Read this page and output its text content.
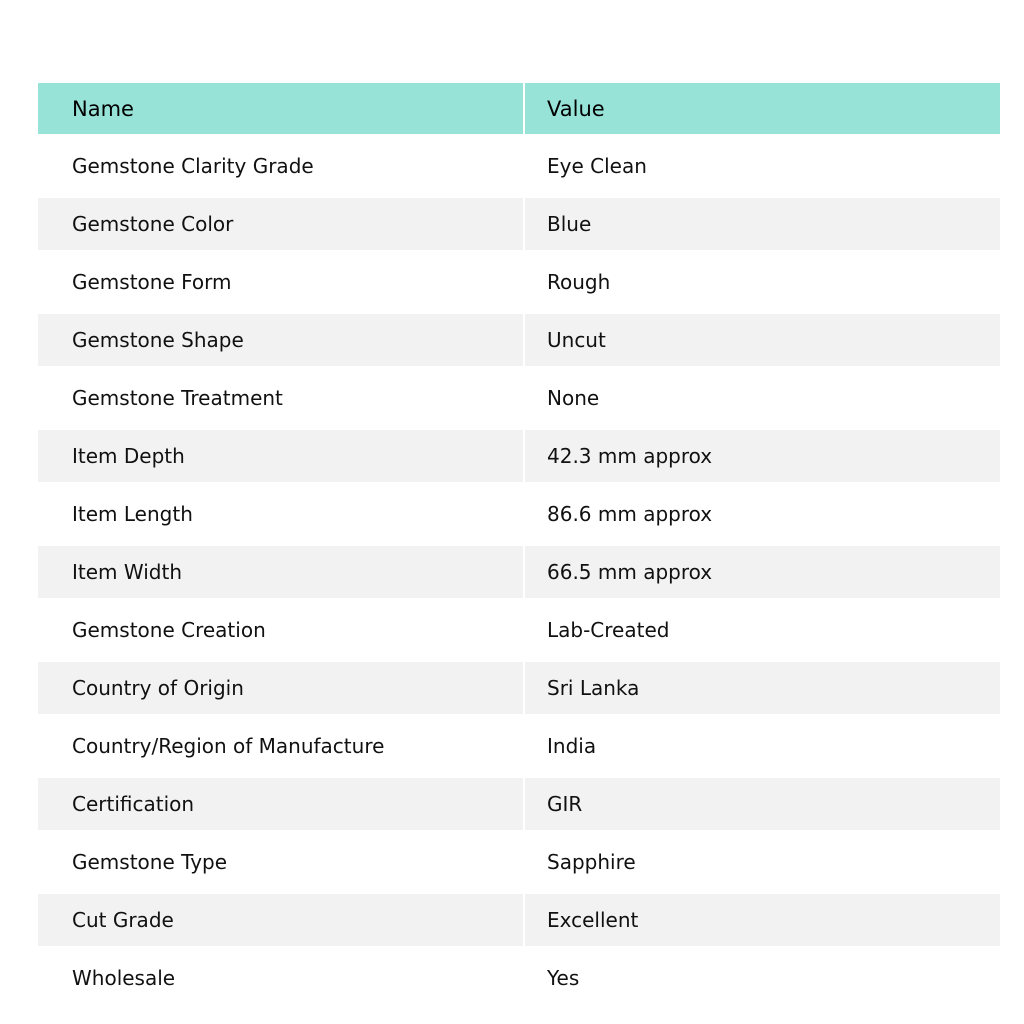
Name	Value
Gemstone Clarity Grade	Eye Clean
Gemstone Color	Blue
Gemstone Form	Rough
Gemstone Shape	Uncut
Gemstone Treatment	None
Item Depth	42.3 mm approx
Item Length	86.6 mm approx
Item Width	66.5 mm approx
Gemstone Creation	Lab-Created
Country of Origin	Sri Lanka
Country/Region of Manufacture	India
Certification	GIR
Gemstone Type	Sapphire
Cut Grade	Excellent
Wholesale	Yes
